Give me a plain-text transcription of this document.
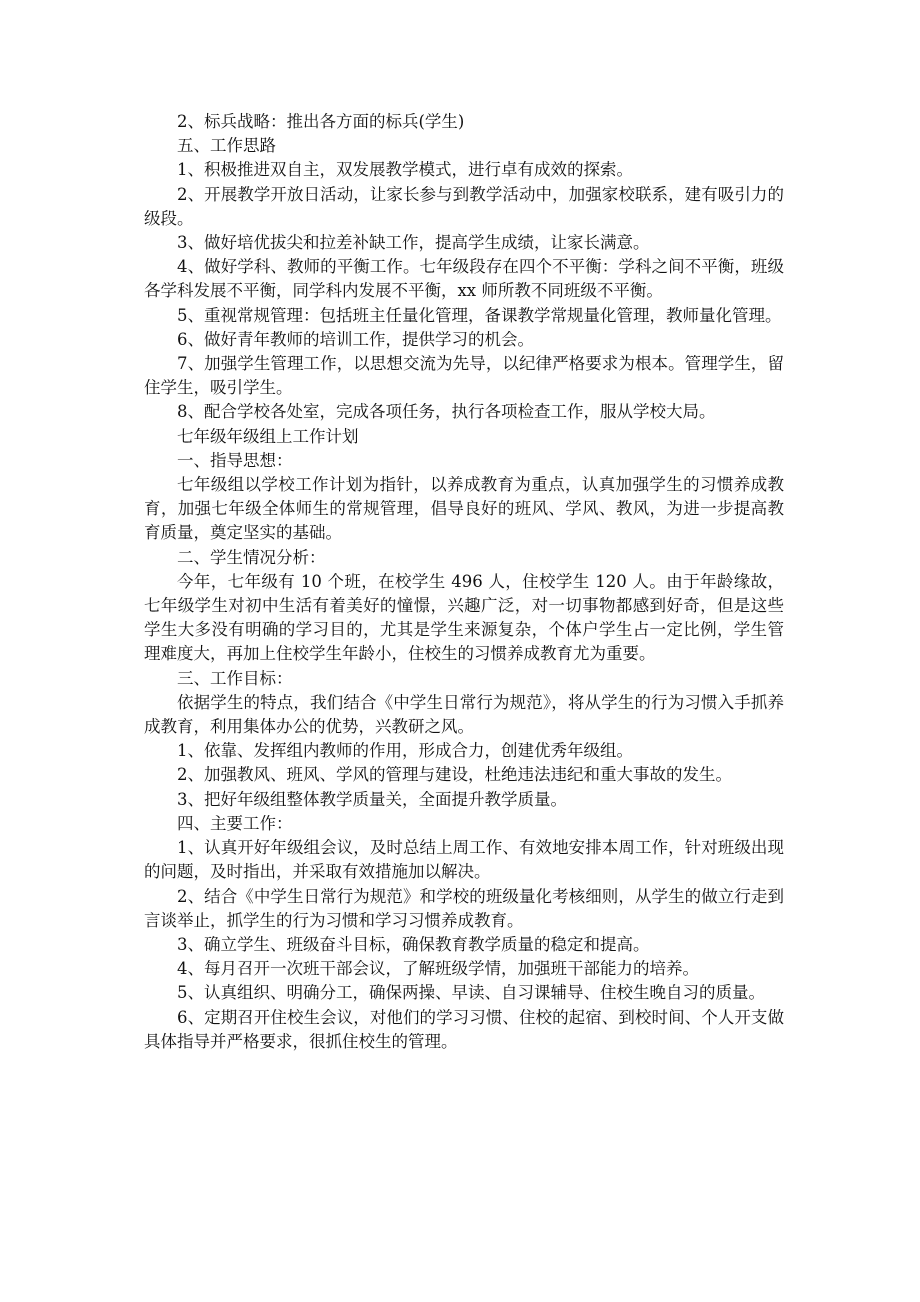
2、标兵战略：推出各方面的标兵(学生)

五、工作思路

1、积极推进双自主，双发展教学模式，进行卓有成效的探索。

2、开展教学开放日活动，让家长参与到教学活动中，加强家校联系，建有吸引力的级段。

3、做好培优拔尖和拉差补缺工作，提高学生成绩，让家长满意。

4、做好学科、教师的平衡工作。七年级段存在四个不平衡：学科之间不平衡，班级各学科发展不平衡，同学科内发展不平衡，xx 师所教不同班级不平衡。

5、重视常规管理：包括班主任量化管理，备课教学常规量化管理，教师量化管理。

6、做好青年教师的培训工作，提供学习的机会。

7、加强学生管理工作，以思想交流为先导，以纪律严格要求为根本。管理学生，留住学生，吸引学生。

8、配合学校各处室，完成各项任务，执行各项检查工作，服从学校大局。

七年级年级组上工作计划

一、指导思想：

七年级组以学校工作计划为指针，以养成教育为重点，认真加强学生的习惯养成教育，加强七年级全体师生的常规管理，倡导良好的班风、学风、教风，为进一步提高教育质量，奠定坚实的基础。

二、学生情况分析：

今年，七年级有 10 个班，在校学生 496 人，住校学生 120 人。由于年龄缘故，七年级学生对初中生活有着美好的憧憬，兴趣广泛，对一切事物都感到好奇，但是这些学生大多没有明确的学习目的，尤其是学生来源复杂，个体户学生占一定比例，学生管理难度大，再加上住校学生年龄小，住校生的习惯养成教育尤为重要。

三、工作目标：

依据学生的特点，我们结合《中学生日常行为规范》，将从学生的行为习惯入手抓养成教育，利用集体办公的优势，兴教研之风。

1、依靠、发挥组内教师的作用，形成合力，创建优秀年级组。

2、加强教风、班风、学风的管理与建设，杜绝违法违纪和重大事故的发生。

3、把好年级组整体教学质量关，全面提升教学质量。

四、主要工作：

1、认真开好年级组会议，及时总结上周工作、有效地安排本周工作，针对班级出现的问题，及时指出，并采取有效措施加以解决。

2、结合《中学生日常行为规范》和学校的班级量化考核细则，从学生的做立行走到言谈举止，抓学生的行为习惯和学习习惯养成教育。

3、确立学生、班级奋斗目标，确保教育教学质量的稳定和提高。

4、每月召开一次班干部会议，了解班级学情，加强班干部能力的培养。

5、认真组织、明确分工，确保两操、早读、自习课辅导、住校生晚自习的质量。

6、定期召开住校生会议，对他们的学习习惯、住校的起宿、到校时间、个人开支做具体指导并严格要求，很抓住校生的管理。
